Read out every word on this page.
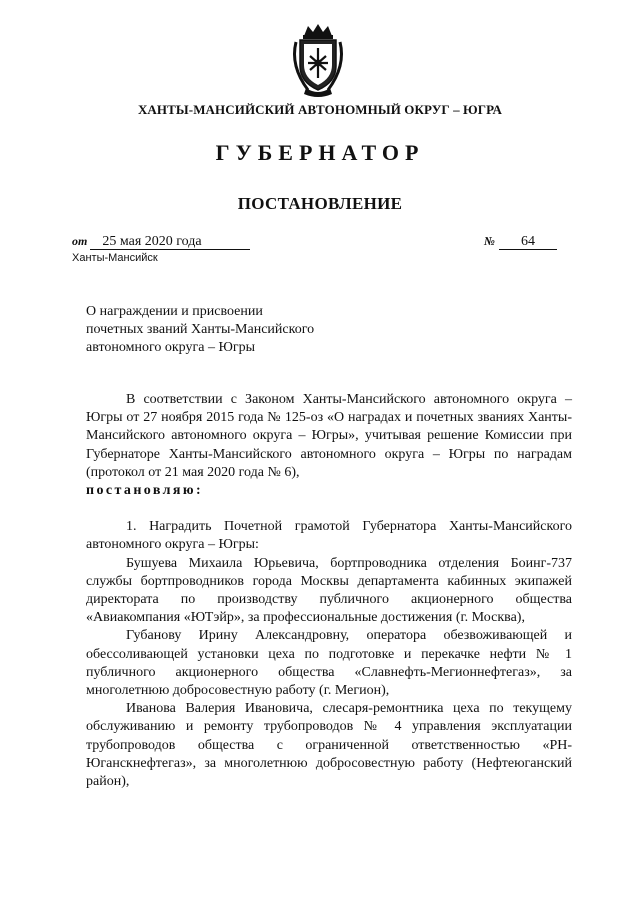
ХАНТЫ-МАНСИЙСКИЙ АВТОНОМНЫЙ ОКРУГ – ЮГРА
ГУБЕРНАТОР
ПОСТАНОВЛЕНИЕ
от 25 мая 2020 года	№ 64
Ханты-Мансийск
О награждении и присвоении
почетных званий Ханты-Мансийского
автономного округа – Югры

В соответствии с Законом Ханты-Мансийского автономного округа – Югры от 27 ноября 2015 года № 125-оз «О наградах и почетных званиях Ханты-Мансийского автономного округа – Югры», учитывая решение Комиссии при Губернаторе Ханты-Мансийского автономного округа – Югры по наградам (протокол от 21 мая 2020 года № 6),
постановляю:

1. Наградить Почетной грамотой Губернатора Ханты-Мансийского автономного округа – Югры:

Бушуева Михаила Юрьевича, бортпроводника отделения Боинг-737 службы бортпроводников города Москвы департамента кабинных экипажей директората по производству публичного акционерного общества «Авиакомпания «ЮТэйр», за профессиональные достижения (г. Москва),

Губанову Ирину Александровну, оператора обезвоживающей и обессоливающей установки цеха по подготовке и перекачке нефти № 1 публичного акционерного общества «Славнефть-Мегионнефтегаз», за многолетнюю добросовестную работу (г. Мегион),

Иванова Валерия Ивановича, слесаря-ремонтника цеха по текущему обслуживанию и ремонту трубопроводов № 4 управления эксплуатации трубопроводов общества с ограниченной ответственностью «РН-Юганскнефтегаз», за многолетнюю добросовестную работу (Нефтеюганский район),
